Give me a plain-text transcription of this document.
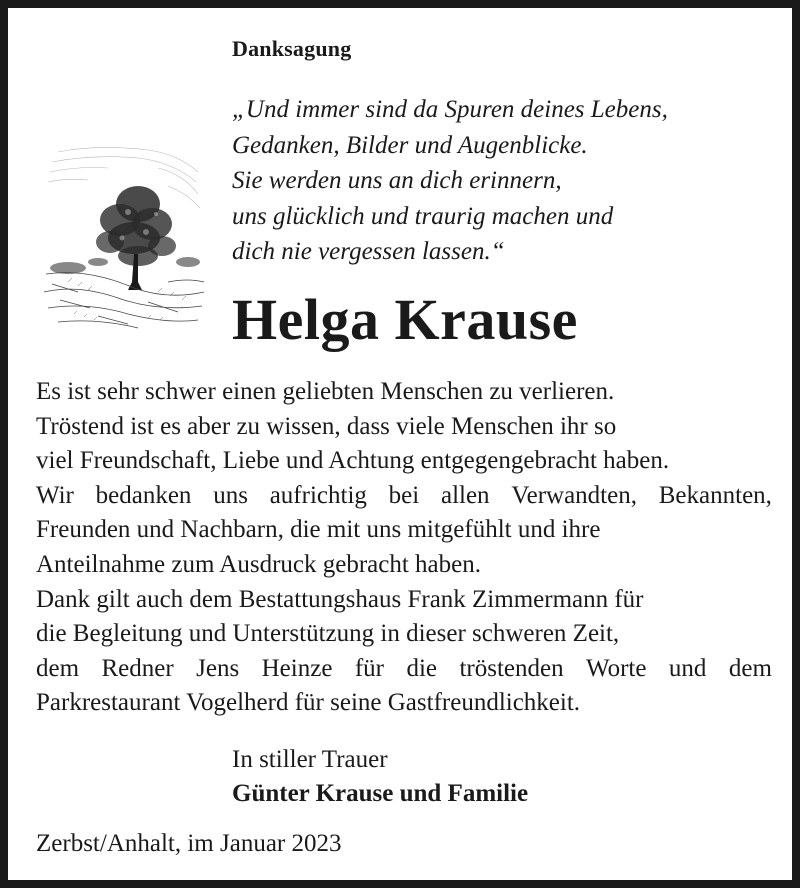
Danksagung
„Und immer sind da Spuren deines Lebens,
Gedanken, Bilder und Augenblicke.
Sie werden uns an dich erinnern,
uns glücklich und traurig machen und
dich nie vergessen lassen.“
Helga Krause
Es ist sehr schwer einen geliebten Menschen zu verlieren.
Tröstend ist es aber zu wissen, dass viele Menschen ihr so
viel Freundschaft, Liebe und Achtung entgegengebracht haben.
Wir bedanken uns aufrichtig bei allen Verwandten, Bekannten,
Freunden und Nachbarn, die mit uns mitgefühlt und ihre
Anteilnahme zum Ausdruck gebracht haben.
Dank gilt auch dem Bestattungshaus Frank Zimmermann für
die Begleitung und Unterstützung in dieser schweren Zeit,
dem Redner Jens Heinze für die tröstenden Worte und dem
Parkrestaurant Vogelherd für seine Gastfreundlichkeit.
In stiller Trauer
Günter Krause und Familie
Zerbst/Anhalt, im Januar 2023
